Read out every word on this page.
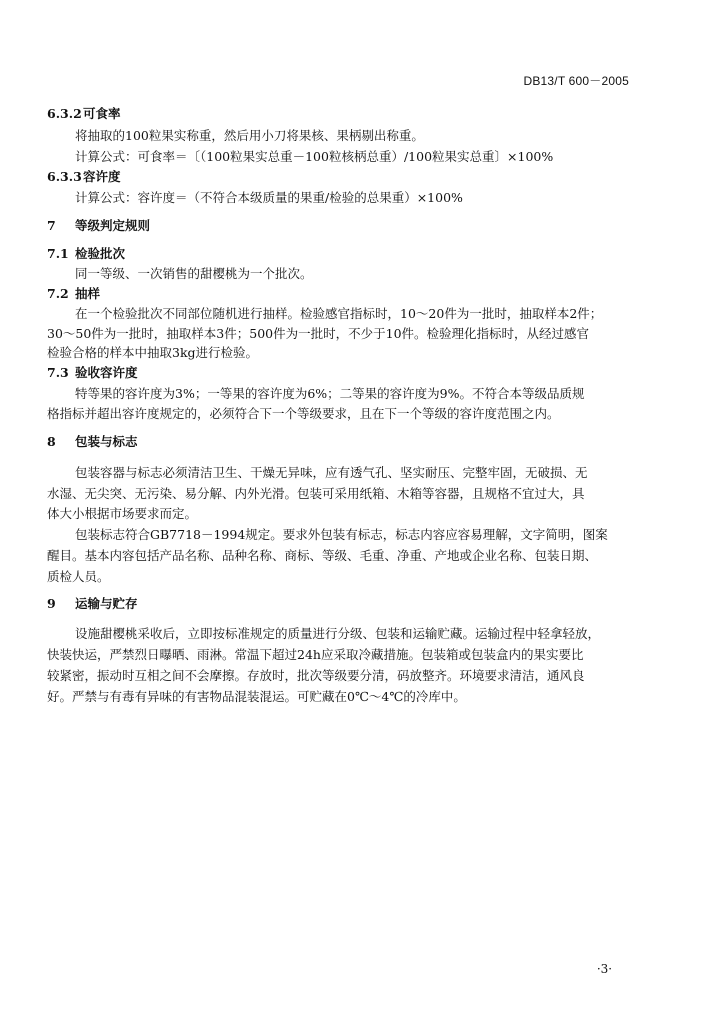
DB13/T 600－2005
6.3.2可食率
将抽取的100粒果实称重，然后用小刀将果核、果柄剔出称重。
计算公式：可食率＝〔（100粒果实总重－100粒核柄总重）/100粒果实总重〕×100%
6.3.3容许度
计算公式：容许度＝（不符合本级质量的果重/检验的总果重）×100%
7 等级判定规则
7.1 检验批次
同一等级、一次销售的甜樱桃为一个批次。
7.2 抽样
在一个检验批次不同部位随机进行抽样。检验感官指标时，10～20件为一批时，抽取样本2件；
30～50件为一批时，抽取样本3件；500件为一批时，不少于10件。检验理化指标时，从经过感官
检验合格的样本中抽取3kg进行检验。
7.3 验收容许度
特等果的容许度为3%；一等果的容许度为6%；二等果的容许度为9%。不符合本等级品质规
格指标并超出容许度规定的，必须符合下一个等级要求，且在下一个等级的容许度范围之内。
8 包装与标志
包装容器与标志必须清洁卫生、干燥无异味，应有透气孔、坚实耐压、完整牢固，无破损、无
水湿、无尖突、无污染、易分解、内外光滑。包装可采用纸箱、木箱等容器，且规格不宜过大，具
体大小根据市场要求而定。
包装标志符合GB7718－1994规定。要求外包装有标志，标志内容应容易理解，文字简明，图案
醒目。基本内容包括产品名称、品种名称、商标、等级、毛重、净重、产地或企业名称、包装日期、
质检人员。
9 运输与贮存
设施甜樱桃采收后，立即按标准规定的质量进行分级、包装和运输贮藏。运输过程中轻拿轻放，
快装快运，严禁烈日曝晒、雨淋。常温下超过24h应采取冷藏措施。包装箱或包装盒内的果实要比
较紧密，振动时互相之间不会摩擦。存放时，批次等级要分清，码放整齐。环境要求清洁，通风良
好。严禁与有毒有异味的有害物品混装混运。可贮藏在0℃～4℃的冷库中。
·3·
